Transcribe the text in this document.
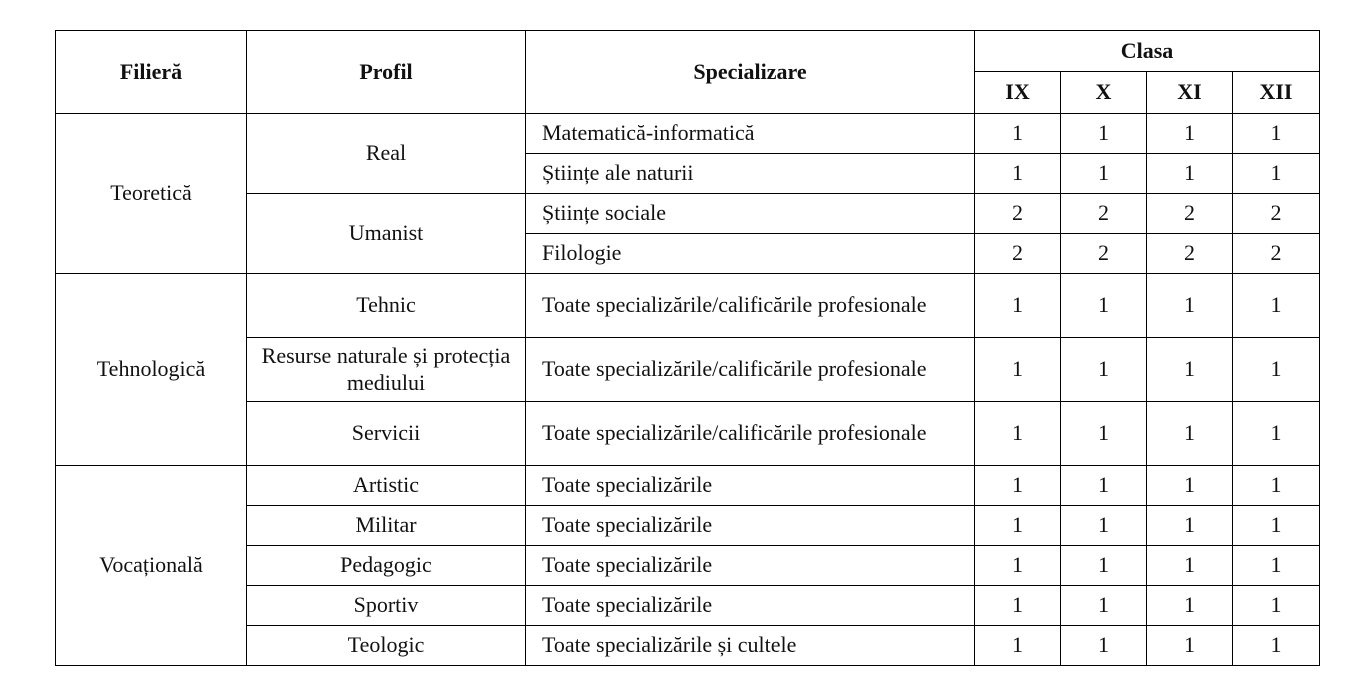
Filieră	Profil	Specializare	Clasa			
			IX	X	XI	XII
Teoretică	Real	Matematică-informatică	1	1	1	1
		Științe ale naturii	1	1	1	1
	Umanist	Științe sociale	2	2	2	2
		Filologie	2	2	2	2
Tehnologică	Tehnic	Toate specializările/calificările profesionale	1	1	1	1
	Resurse naturale și protecția mediului	Toate specializările/calificările profesionale	1	1	1	1
	Servicii	Toate specializările/calificările profesionale	1	1	1	1
Vocațională	Artistic	Toate specializările	1	1	1	1
	Militar	Toate specializările	1	1	1	1
	Pedagogic	Toate specializările	1	1	1	1
	Sportiv	Toate specializările	1	1	1	1
	Teologic	Toate specializările și cultele	1	1	1	1
